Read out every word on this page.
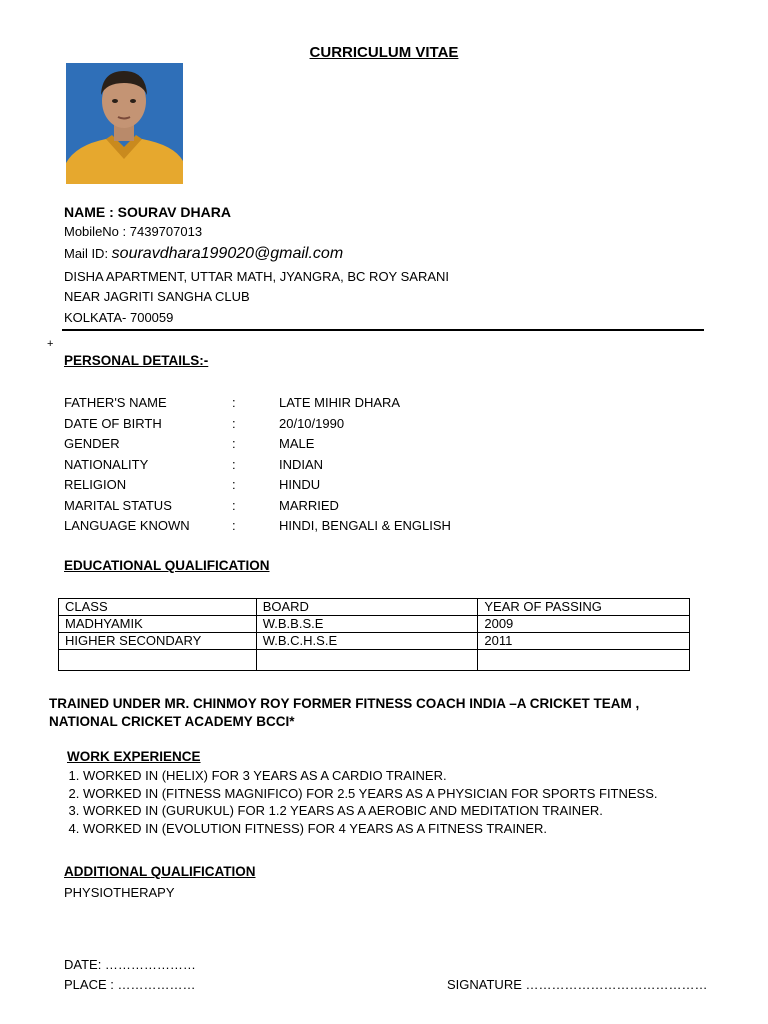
CURRICULUM VITAE
NAME : SOURAV DHARA
MobileNo : 7439707013
Mail ID: souravdhara199020@gmail.com
DISHA APARTMENT, UTTAR MATH, JYANGRA, BC ROY SARANI
NEAR JAGRITI SANGHA CLUB
KOLKATA- 700059
+
PERSONAL DETAILS:-
FATHER'S NAME	:	LATE MIHIR DHARA
DATE OF BIRTH	:	20/10/1990
GENDER	:	MALE
NATIONALITY	:	INDIAN
RELIGION	:	HINDU
MARITAL STATUS	:	MARRIED
LANGUAGE KNOWN	:	HINDI, BENGALI & ENGLISH
EDUCATIONAL QUALIFICATION
CLASS	BOARD	YEAR OF PASSING
MADHYAMIK	W.B.B.S.E	2009
HIGHER SECONDARY	W.B.C.H.S.E	2011

TRAINED UNDER MR. CHINMOY ROY FORMER FITNESS COACH INDIA –A CRICKET TEAM , NATIONAL CRICKET ACADEMY BCCI*
WORK EXPERIENCE
1. WORKED IN (HELIX) FOR 3 YEARS AS A CARDIO TRAINER.
2. WORKED IN (FITNESS MAGNIFICO) FOR 2.5 YEARS AS A PHYSICIAN FOR SPORTS FITNESS.
3. WORKED IN (GURUKUL) FOR 1.2 YEARS AS A AEROBIC AND MEDITATION TRAINER.
4. WORKED IN (EVOLUTION FITNESS) FOR 4 YEARS AS A FITNESS TRAINER.
ADDITIONAL QUALIFICATION
PHYSIOTHERAPY
DATE: …………………
PLACE : ………………	SIGNATURE ……………………………………
